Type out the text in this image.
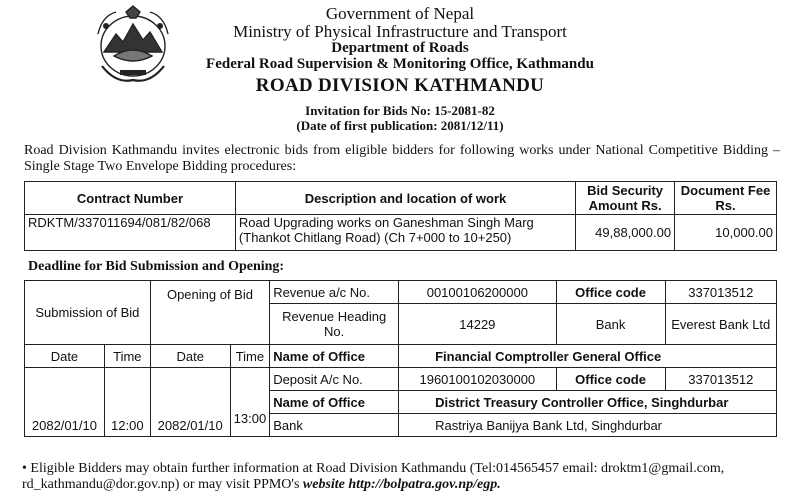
Government of Nepal
Ministry of Physical Infrastructure and Transport
Department of Roads
Federal Road Supervision & Monitoring Office, Kathmandu
ROAD DIVISION KATHMANDU
Invitation for Bids No: 15-2081-82
(Date of first publication: 2081/12/11)
Road Division Kathmandu invites electronic bids from eligible bidders for following works under National Competitive Bidding – Single Stage Two Envelope Bidding procedures:
Contract Number	Description and location of work	Bid Security Amount Rs.	Document Fee Rs.
RDKTM/337011694/081/82/068	Road Upgrading works on Ganeshman Singh Marg (Thankot Chitlang Road) (Ch 7+000 to 10+250)	49,88,000.00	10,000.00
Deadline for Bid Submission and Opening:
Submission of Bid		Opening of Bid		Revenue a/c No.	00100106200000	Office code	337013512
				Revenue Heading No.	14229	Bank	Everest Bank Ltd
Date	Time	Date	Time	Name of Office	Financial Comptroller General Office		
2082/01/10	12:00	2082/01/10	13:00	Deposit A/c No.	1960100102030000	Office code	337013512
				Name of Office	District Treasury Controller Office, Singhdurbar		
				Bank	Rastriya Banijya Bank Ltd, Singhdurbar		
• Eligible Bidders may obtain further information at Road Division Kathmandu (Tel:014565457 email: droktm1@gmail.com, rd_kathmandu@dor.gov.np) or may visit PPMO's website http://bolpatra.gov.np/egp.
